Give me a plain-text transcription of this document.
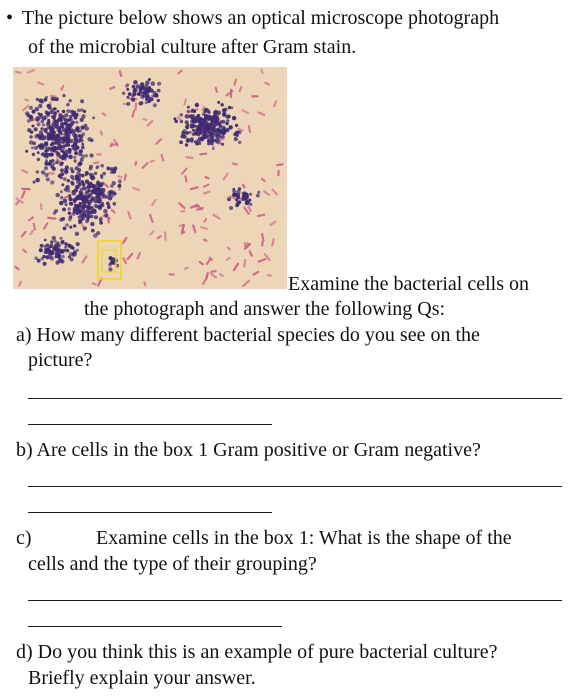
• The picture below shows an optical microscope photograph
of the microbial culture after Gram stain.
Examine the bacterial cells on
the photograph and answer the following Qs:
a) How many different bacterial species do you see on the
picture?
b) Are cells in the box 1 Gram positive or Gram negative?
c)	Examine cells in the box 1: What is the shape of the
cells and the type of their grouping?
d) Do you think this is an example of pure bacterial culture?
Briefly explain your answer.
